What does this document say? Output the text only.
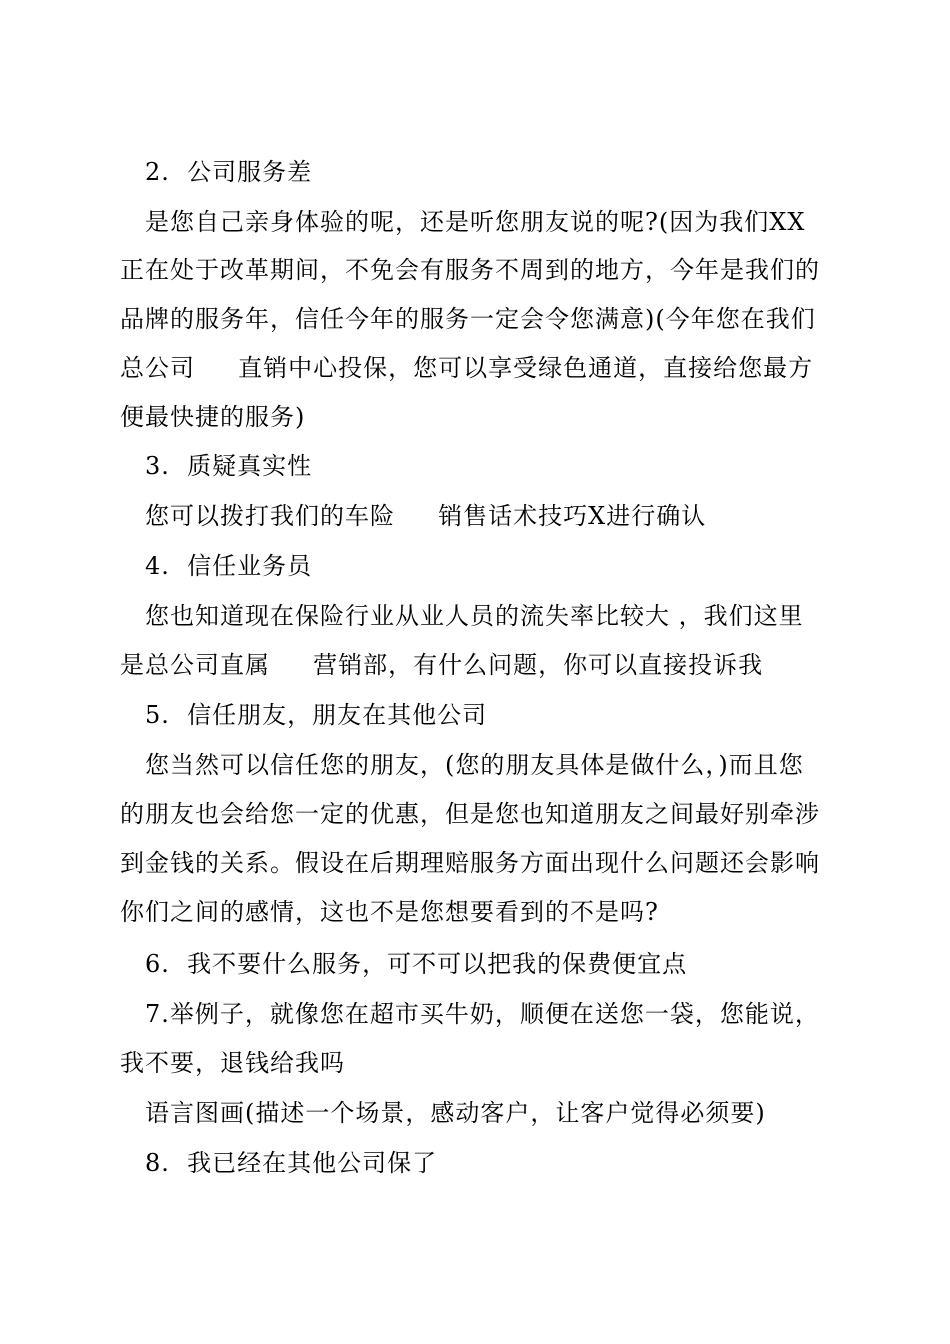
2.  公司服务差
是您自己亲身体验的呢，还是听您朋友说的呢?(因为我们XX
正在处于改革期间，不免会有服务不周到的地方，今年是我们的
品牌的服务年，信任今年的服务一定会令您满意)(今年您在我们
总公司     直销中心投保，您可以享受绿色通道，直接给您最方
便最快捷的服务)
3.  质疑真实性
您可以拨打我们的车险     销售话术技巧X进行确认
4.  信任业务员
您也知道现在保险行业从业人员的流失率比较大 ，我们这里
是总公司直属     营销部，有什么问题，你可以直接投诉我
5.  信任朋友，朋友在其他公司
您当然可以信任您的朋友，(您的朋友具体是做什么，)而且您
的朋友也会给您一定的优惠，但是您也知道朋友之间最好别牵涉
到金钱的关系。假设在后期理赔服务方面出现什么问题还会影响
你们之间的感情，这也不是您想要看到的不是吗?
6.  我不要什么服务，可不可以把我的保费便宜点
7.举例子，就像您在超市买牛奶，顺便在送您一袋，您能说，
我不要，退钱给我吗
语言图画(描述一个场景，感动客户，让客户觉得必须要)
8.  我已经在其他公司保了
